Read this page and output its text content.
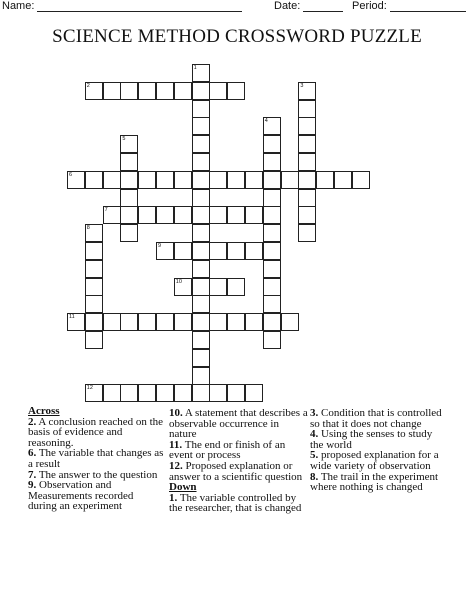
Name:	Date:	Period:
SCIENCE METHOD CROSSWORD PUZZLE
1
2	3
4
5
6
7
8
9
10
11
12
Across

2. A conclusion reached on the basis of evidence and reasoning.

6. The variable that changes as a result

7. The answer to the question

9. Observation and Measurements recorded during an experiment

10. A statement that describes a observable occurrence in nature

11. The end or finish of an event or process

12. Proposed explanation or answer to a scientific question

Down

1. The variable controlled by the researcher, that is changed

3. Condition that is controlled so that it does not change

4. Using the senses to study the world

5. proposed explanation for a wide variety of observation

8. The trail in the experiment where nothing is changed
